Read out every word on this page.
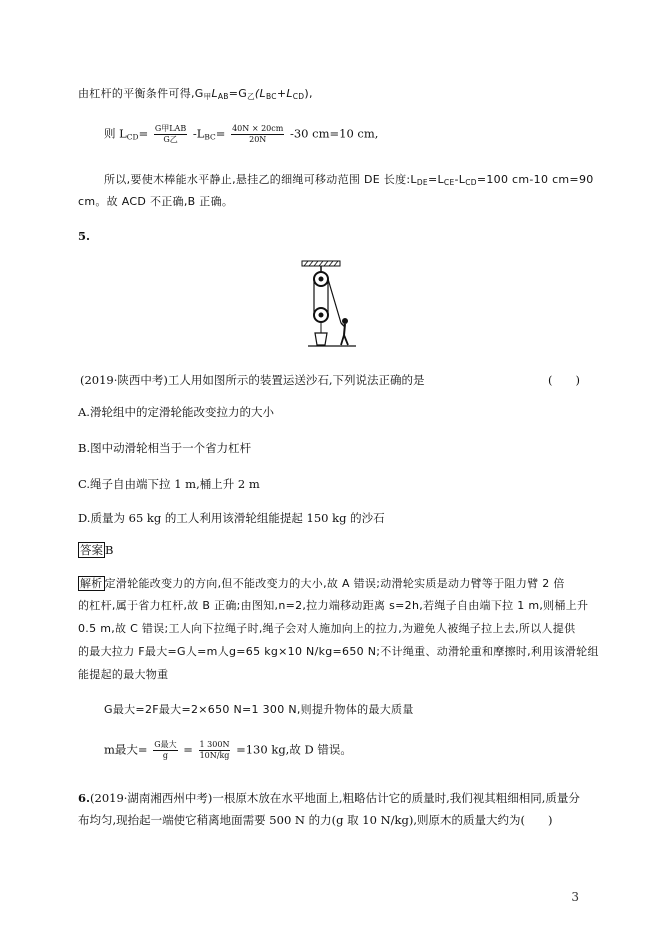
由杠杆的平衡条件可得$,G_甲L_{AB}=G_乙(L_{BC}+L_{CD})$,
则 $L_{CD}= \frac{\text{G甲LAB}}{\text{G乙}} -L_{BC}= \frac{40N \times 20cm}{20N} -30$ cm=10 cm,
所以,要使木棒能水平静止,悬挂乙的细绳可移动范围 DE 长度$:L_{DE}=L_{CE}-L_{CD}=100$ cm-10 cm=90
cm。故 ACD 不正确,B 正确。
5.
(2019·陕西中考)工人用如图所示的装置运送沙石,下列说法正确的是	(　　)
A.滑轮组中的定滑轮能改变拉力的大小
B.图中动滑轮相当于一个省力杠杆
C.绳子自由端下拉 1 m,桶上升 2 m
D.质量为 65 kg 的工人利用该滑轮组能提起 150 kg 的沙石
答案 B
解析 定滑轮能改变力的方向,但不能改变力的大小,故 A 错误;动滑轮实质是动力臂等于阻力臂 2 倍
的杠杆,属于省力杠杆,故 B 正确;由图知,n=2,拉力端移动距离 s=2h,若绳子自由端下拉 1 m,则桶上升
0.5 m,故 C 错误;工人向下拉绳子时,绳子会对人施加向上的拉力,为避免人被绳子拉上去,所以人提供
的最大拉力 F最大=G人=m人g=65 kg×10 N/kg=650 N;不计绳重、动滑轮重和摩擦时,利用该滑轮组
能提起的最大物重
G最大=2F最大=2×650 N=1 300 N,则提升物体的最大质量
m最大= $\frac{\text{G最大}}{g} = \frac{1 300N}{10N/kg} =130$ kg,故 D 错误。
6.(2019·湖南湘西州中考)一根原木放在水平地面上,粗略估计它的质量时,我们视其粗细相同,质量分
布均匀,现抬起一端使它稍离地面需要 500 N 的力(g 取 10 N/kg),则原木的质量大约为(　　)
3
